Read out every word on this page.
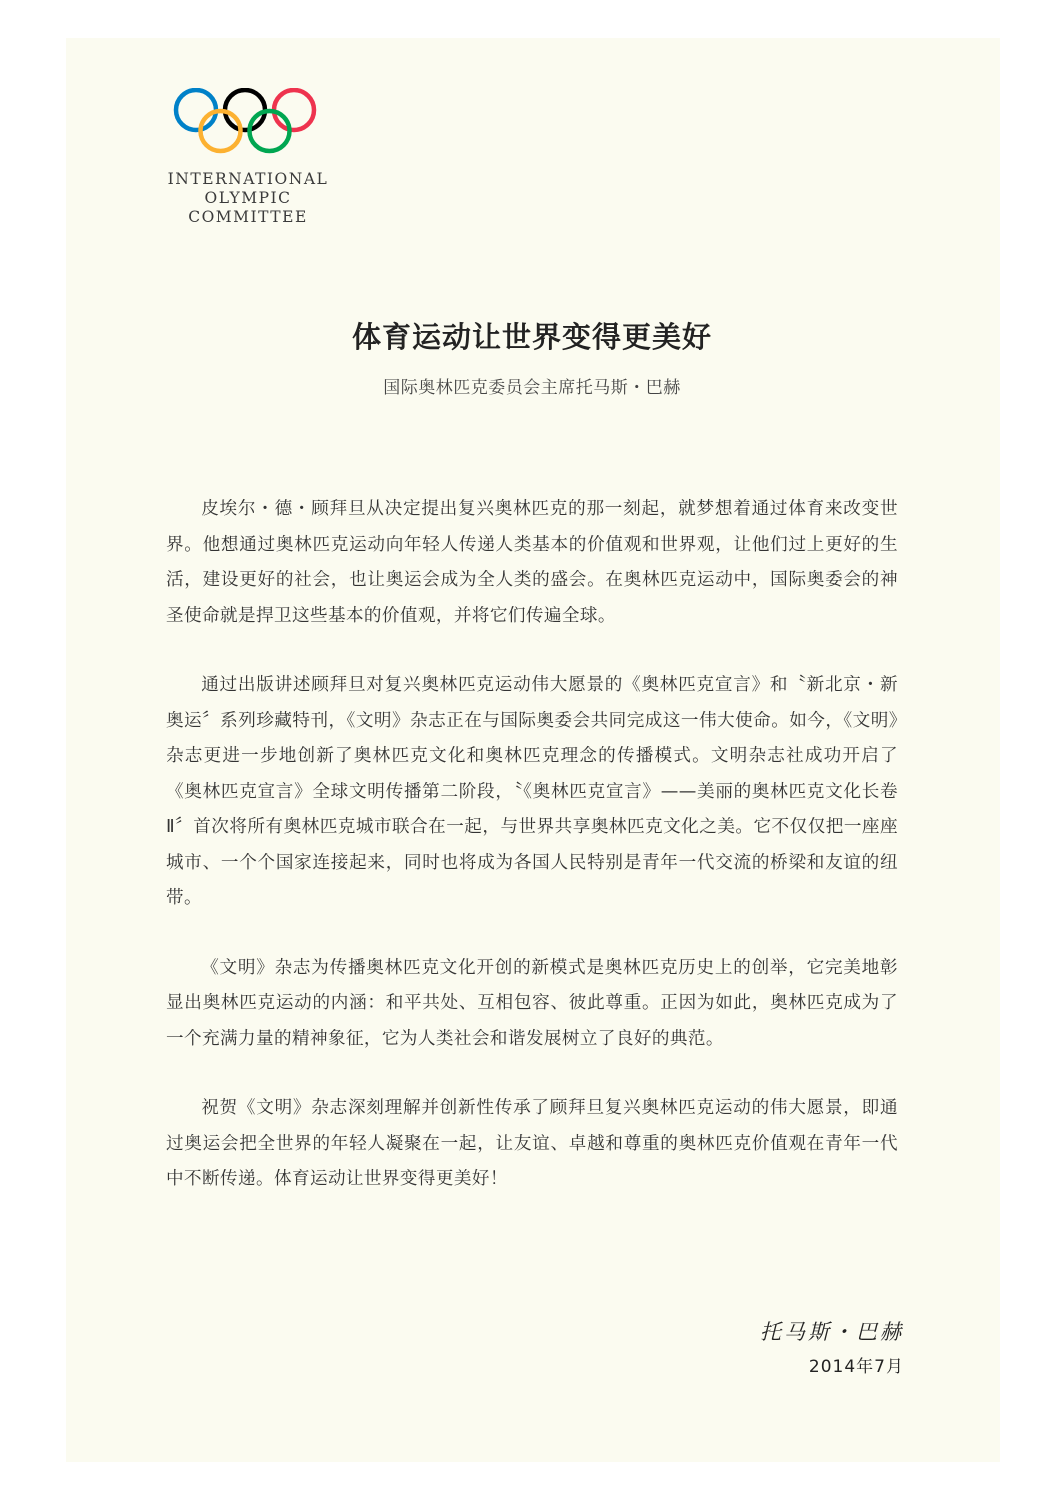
INTERNATIONAL
OLYMPIC
COMMITTEE
体育运动让世界变得更美好
国际奥林匹克委员会主席托马斯・巴赫

皮埃尔・德・顾拜旦从决定提出复兴奥林匹克的那一刻起，就梦想着通过体育来改变世界。他想通过奥林匹克运动向年轻人传递人类基本的价值观和世界观，让他们过上更好的生活，建设更好的社会，也让奥运会成为全人类的盛会。在奥林匹克运动中，国际奥委会的神圣使命就是捍卫这些基本的价值观，并将它们传遍全球。

通过出版讲述顾拜旦对复兴奥林匹克运动伟大愿景的《奥林匹克宣言》和〝新北京・新奥运〞系列珍藏特刊，《文明》杂志正在与国际奥委会共同完成这一伟大使命。如今，《文明》杂志更进一步地创新了奥林匹克文化和奥林匹克理念的传播模式。文明杂志社成功开启了《奥林匹克宣言》全球文明传播第二阶段，〝《奥林匹克宣言》——美丽的奥林匹克文化长卷Ⅱ〞首次将所有奥林匹克城市联合在一起，与世界共享奥林匹克文化之美。它不仅仅把一座座城市、一个个国家连接起来，同时也将成为各国人民特别是青年一代交流的桥梁和友谊的纽带。

《文明》杂志为传播奥林匹克文化开创的新模式是奥林匹克历史上的创举，它完美地彰显出奥林匹克运动的内涵：和平共处、互相包容、彼此尊重。正因为如此，奥林匹克成为了一个充满力量的精神象征，它为人类社会和谐发展树立了良好的典范。

祝贺《文明》杂志深刻理解并创新性传承了顾拜旦复兴奥林匹克运动的伟大愿景，即通过奥运会把全世界的年轻人凝聚在一起，让友谊、卓越和尊重的奥林匹克价值观在青年一代中不断传递。体育运动让世界变得更美好！

托马斯・巴赫
2014年7月
